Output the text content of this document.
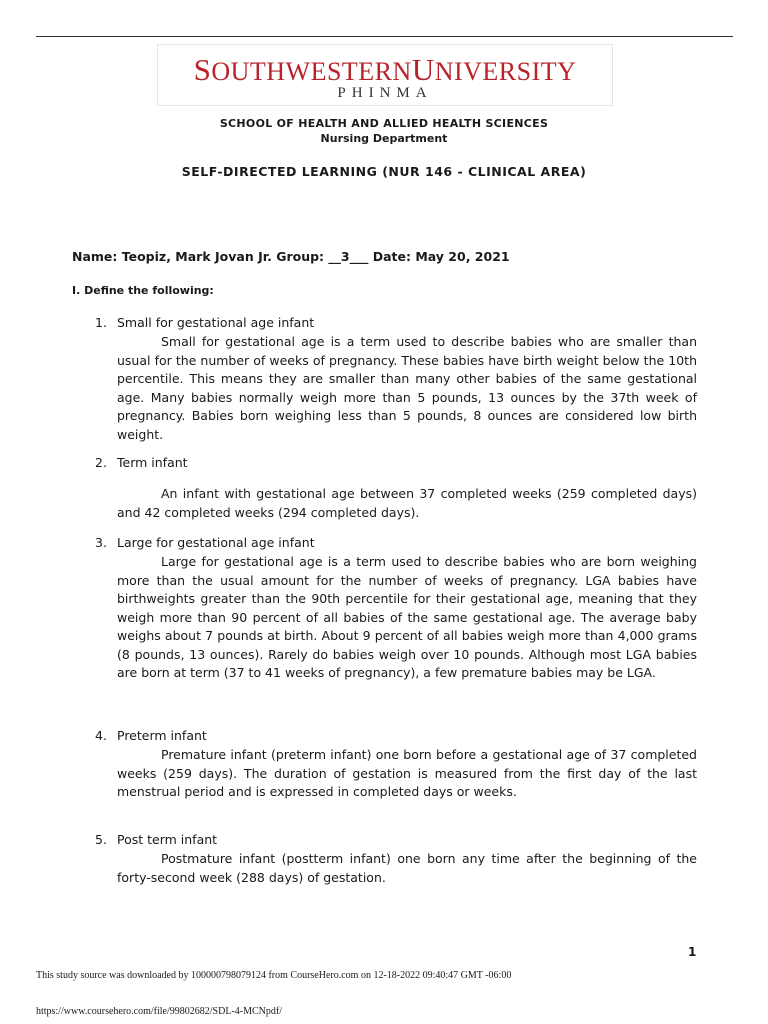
SOUTHWESTERNUNIVERSITY
PHINMA
SCHOOL OF HEALTH AND ALLIED HEALTH SCIENCES
Nursing Department
SELF-DIRECTED LEARNING (NUR 146 - CLINICAL AREA)
Name: Teopiz, Mark Jovan Jr. Group: __3___ Date: May 20, 2021
I. Define the following:
1. Small for gestational age infant
Small for gestational age is a term used to describe babies who are smaller than usual for the number of weeks of pregnancy. These babies have birth weight below the 10th percentile. This means they are smaller than many other babies of the same gestational age. Many babies normally weigh more than 5 pounds, 13 ounces by the 37th week of pregnancy. Babies born weighing less than 5 pounds, 8 ounces are considered low birth weight.
2. Term infant
An infant with gestational age between 37 completed weeks (259 completed days) and 42 completed weeks (294 completed days).
3. Large for gestational age infant
Large for gestational age is a term used to describe babies who are born weighing more than the usual amount for the number of weeks of pregnancy. LGA babies have birthweights greater than the 90th percentile for their gestational age, meaning that they weigh more than 90 percent of all babies of the same gestational age. The average baby weighs about 7 pounds at birth. About 9 percent of all babies weigh more than 4,000 grams (8 pounds, 13 ounces). Rarely do babies weigh over 10 pounds. Although most LGA babies are born at term (37 to 41 weeks of pregnancy), a few premature babies may be LGA.
4. Preterm infant
Premature infant (preterm infant) one born before a gestational age of 37 completed weeks (259 days). The duration of gestation is measured from the first day of the last menstrual period and is expressed in completed days or weeks.
5. Post term infant
Postmature infant (postterm infant) one born any time after the beginning of the forty-second week (288 days) of gestation.
1
This study source was downloaded by 100000798079124 from CourseHero.com on 12-18-2022 09:40:47 GMT -06:00
https://www.coursehero.com/file/99802682/SDL-4-MCNpdf/
